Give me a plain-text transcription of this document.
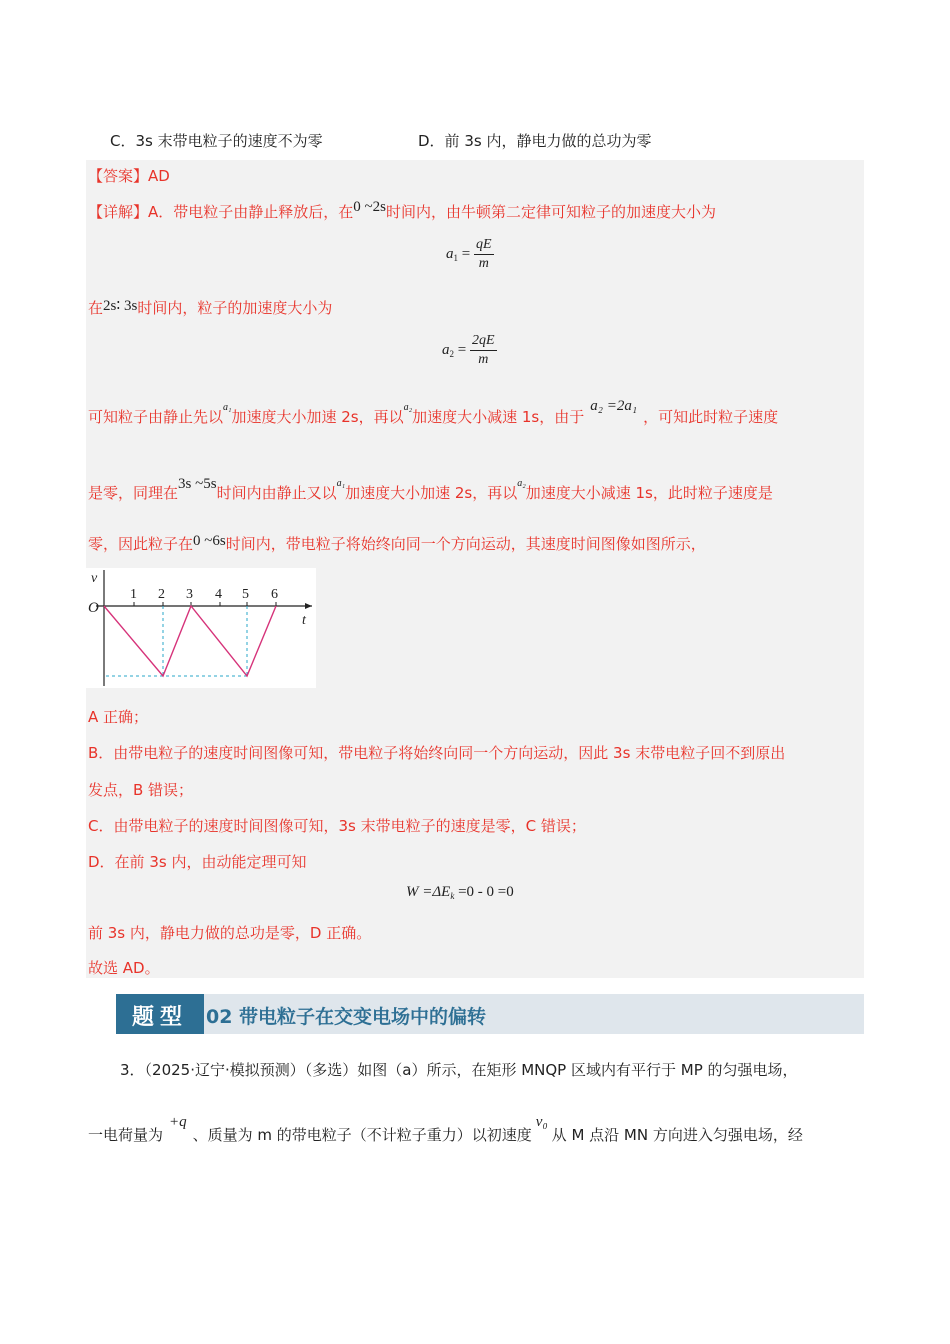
C．3s 末带电粒子的速度不为零	D．前 3s 内，静电力做的总功为零
【答案】AD
【详解】A．带电粒子由静止释放后，在0 ~2s时间内，由牛顿第二定律可知粒子的加速度大小为
$a_1 = \frac{qE}{m}$
在2s∶ 3s时间内，粒子的加速度大小为
$a_2 = \frac{2qE}{m}$
可知粒子由静止先以$^{a_1}$加速度大小加速 2s，再以$^{a_2}$加速度大小减速 1s，由于a₂ =2a₁，可知此时粒子速度
是零，同理在3s ~5s时间内由静止又以$^{a_1}$加速度大小加速 2s，再以$^{a_2}$加速度大小减速 1s，此时粒子速度是
零，因此粒子在0 ~6s时间内，带电粒子将始终向同一个方向运动，其速度时间图像如图所示，
v
O
t
1 2 3 4 5 6
A 正确；
B．由带电粒子的速度时间图像可知，带电粒子将始终向同一个方向运动，因此 3s 末带电粒子回不到原出
发点，B 错误；
C．由带电粒子的速度时间图像可知，3s 末带电粒子的速度是零，C 错误；
D．在前 3s 内，由动能定理可知
$W =\Delta E_k =0 - 0 =0$
前 3s 内，静电力做的总功是零，D 正确。
故选 AD。
题型 02 带电粒子在交变电场中的偏转
3．（2025·辽宁·模拟预测）（多选）如图（a）所示，在矩形 MNQP 区域内有平行于 MP 的匀强电场，
一电荷量为+q、质量为 m 的带电粒子（不计粒子重力）以初速度v₀从 M 点沿 MN 方向进入匀强电场，经
